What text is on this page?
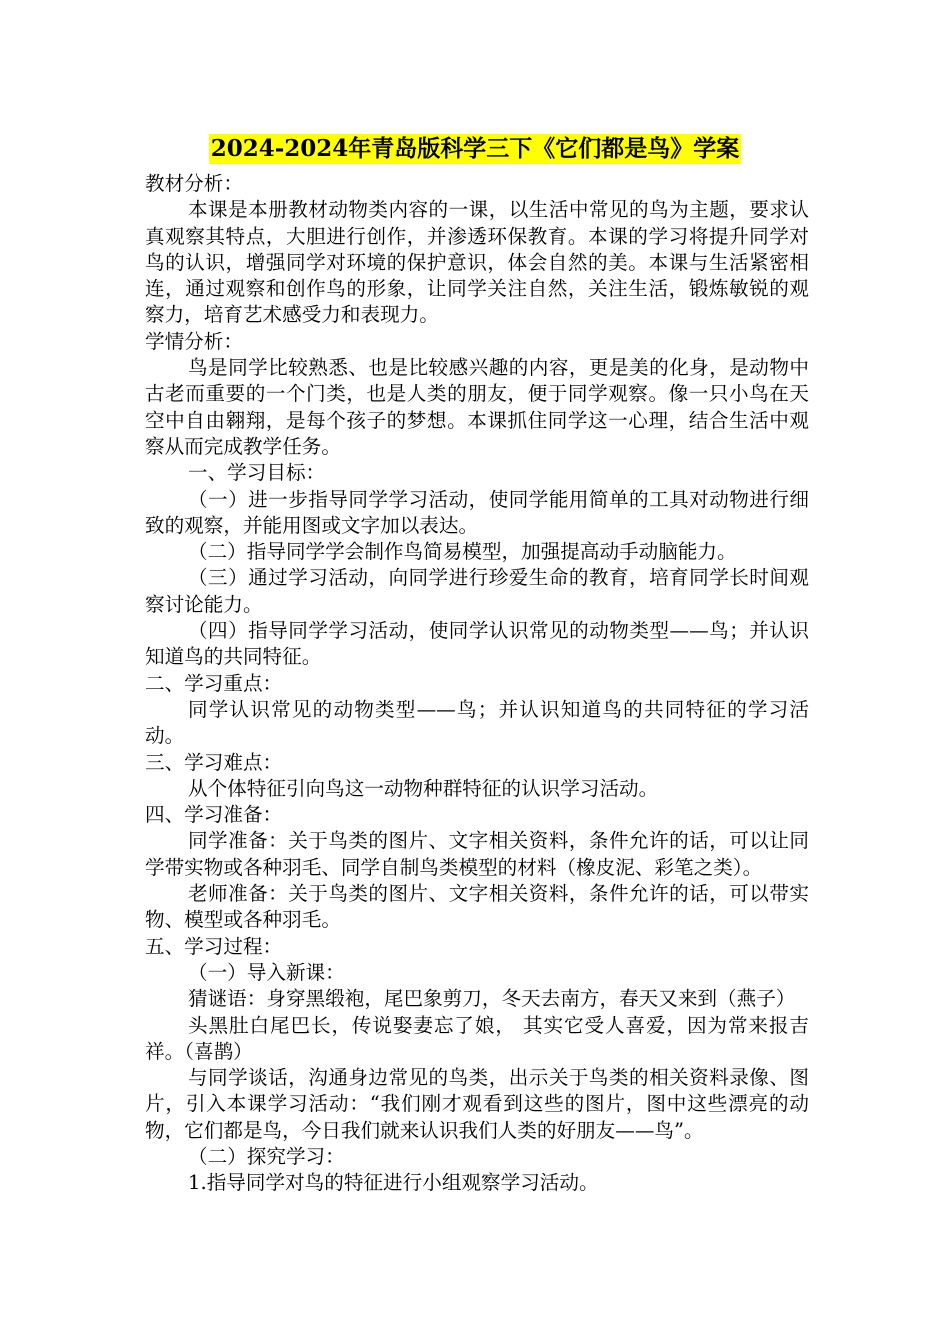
2024-2024年青岛版科学三下《它们都是鸟》学案

教材分析：

本课是本册教材动物类内容的一课，以生活中常见的鸟为主题，要求认真观察其特点，大胆进行创作，并渗透环保教育。本课的学习将提升同学对鸟的认识，增强同学对环境的保护意识，体会自然的美。本课与生活紧密相连，通过观察和创作鸟的形象，让同学关注自然，关注生活，锻炼敏锐的观察力，培育艺术感受力和表现力。

学情分析：

鸟是同学比较熟悉、也是比较感兴趣的内容，更是美的化身，是动物中古老而重要的一个门类，也是人类的朋友，便于同学观察。像一只小鸟在天空中自由翱翔，是每个孩子的梦想。本课抓住同学这一心理，结合生活中观察从而完成教学任务。

一、学习目标：

（一）进一步指导同学学习活动，使同学能用简单的工具对动物进行细致的观察，并能用图或文字加以表达。

（二）指导同学学会制作鸟简易模型，加强提高动手动脑能力。

（三）通过学习活动，向同学进行珍爱生命的教育，培育同学长时间观察讨论能力。

（四）指导同学学习活动，使同学认识常见的动物类型——鸟；并认识知道鸟的共同特征。

二、学习重点：

同学认识常见的动物类型——鸟；并认识知道鸟的共同特征的学习活动。

三、学习难点：

从个体特征引向鸟这一动物种群特征的认识学习活动。

四、学习准备：

同学准备：关于鸟类的图片、文字相关资料，条件允许的话，可以让同学带实物或各种羽毛、同学自制鸟类模型的材料（橡皮泥、彩笔之类）。

老师准备：关于鸟类的图片、文字相关资料，条件允许的话，可以带实物、模型或各种羽毛。

五、学习过程：

（一）导入新课：

猜谜语：身穿黑缎袍，尾巴象剪刀，冬天去南方，春天又来到（燕子）

头黑肚白尾巴长，传说娶妻忘了娘， 其实它受人喜爱，因为常来报吉祥。（喜鹊）

与同学谈话，沟通身边常见的鸟类，出示关于鸟类的相关资料录像、图片，引入本课学习活动：“我们刚才观看到这些的图片，图中这些漂亮的动物，它们都是鸟，今日我们就来认识我们人类的好朋友——鸟”。

（二）探究学习：

1.指导同学对鸟的特征进行小组观察学习活动。
